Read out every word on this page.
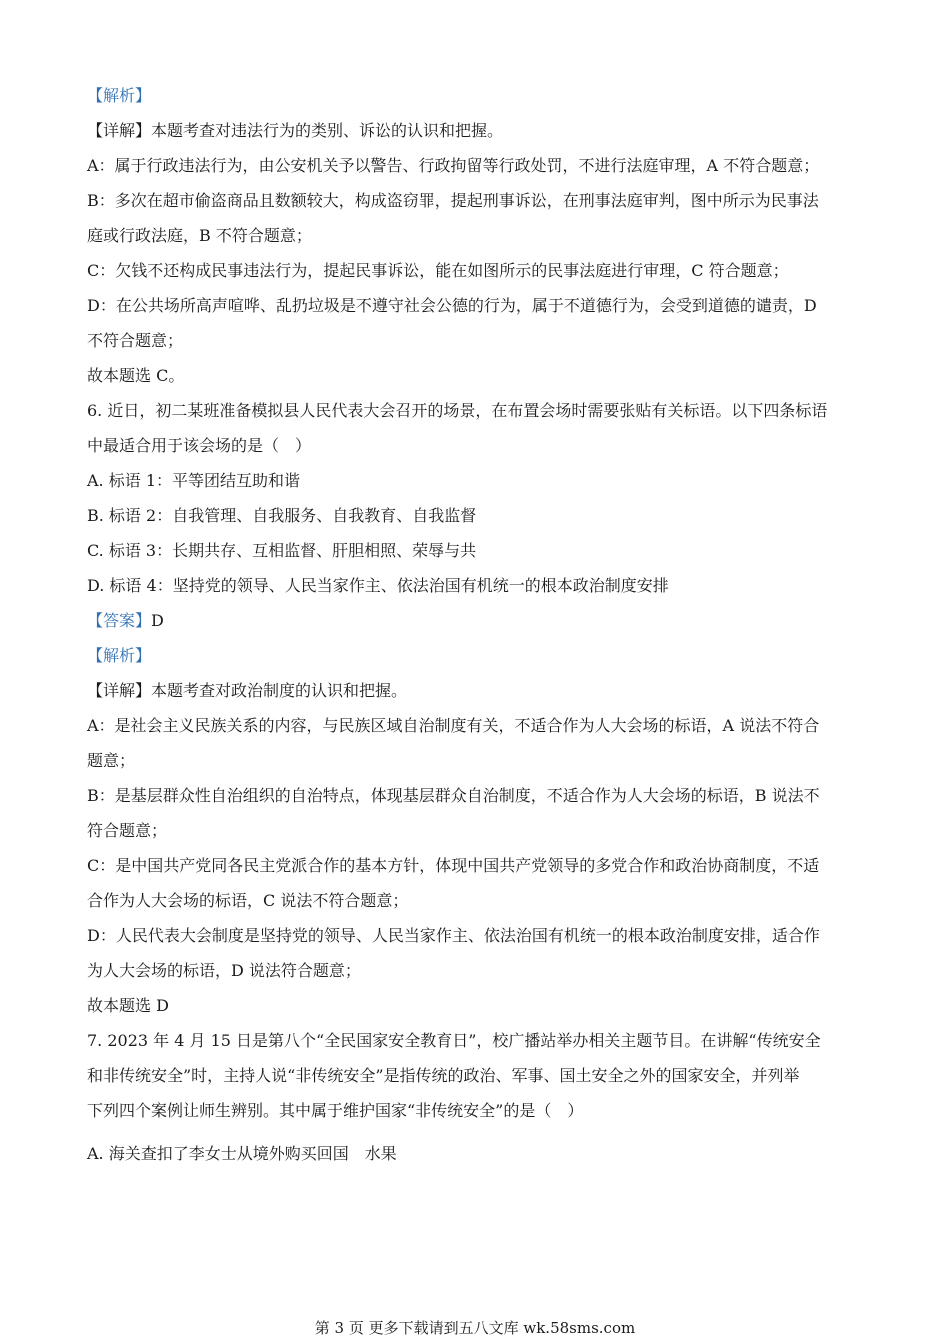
【解析】

【详解】本题考查对违法行为的类别、诉讼的认识和把握。

A：属于行政违法行为，由公安机关予以警告、行政拘留等行政处罚，不进行法庭审理，A 不符合题意；

B：多次在超市偷盗商品且数额较大，构成盗窃罪，提起刑事诉讼，在刑事法庭审判，图中所示为民事法

庭或行政法庭，B 不符合题意；

C：欠钱不还构成民事违法行为，提起民事诉讼，能在如图所示的民事法庭进行审理，C 符合题意；

D：在公共场所高声喧哗、乱扔垃圾是不遵守社会公德的行为，属于不道德行为，会受到道德的谴责，D

不符合题意；

故本题选 C。

6. 近日，初二某班准备模拟县人民代表大会召开的场景，在布置会场时需要张贴有关标语。以下四条标语

中最适合用于该会场的是（　）

A. 标语 1：平等团结互助和谐

B. 标语 2：自我管理、自我服务、自我教育、自我监督

C. 标语 3：长期共存、互相监督、肝胆相照、荣辱与共

D. 标语 4：坚持党的领导、人民当家作主、依法治国有机统一的根本政治制度安排

【答案】D

【解析】

【详解】本题考查对政治制度的认识和把握。

A：是社会主义民族关系的内容，与民族区域自治制度有关，不适合作为人大会场的标语，A 说法不符合

题意；

B：是基层群众性自治组织的自治特点，体现基层群众自治制度，不适合作为人大会场的标语，B 说法不

符合题意；

C：是中国共产党同各民主党派合作的基本方针，体现中国共产党领导的多党合作和政治协商制度，不适

合作为人大会场的标语，C 说法不符合题意；

D：人民代表大会制度是坚持党的领导、人民当家作主、依法治国有机统一的根本政治制度安排，适合作

为人大会场的标语，D 说法符合题意；

故本题选 D

7. 2023 年 4 月 15 日是第八个“全民国家安全教育日”，校广播站举办相关主题节目。在讲解“传统安全

和非传统安全”时，主持人说“非传统安全”是指传统的政治、军事、国土安全之外的国家安全，并列举

下列四个案例让师生辨别。其中属于维护国家“非传统安全”的是（　）

A. 海关查扣了李女士从境外购买回国　水果

第 3 页 更多下载请到五八文库 wk.58sms.com
